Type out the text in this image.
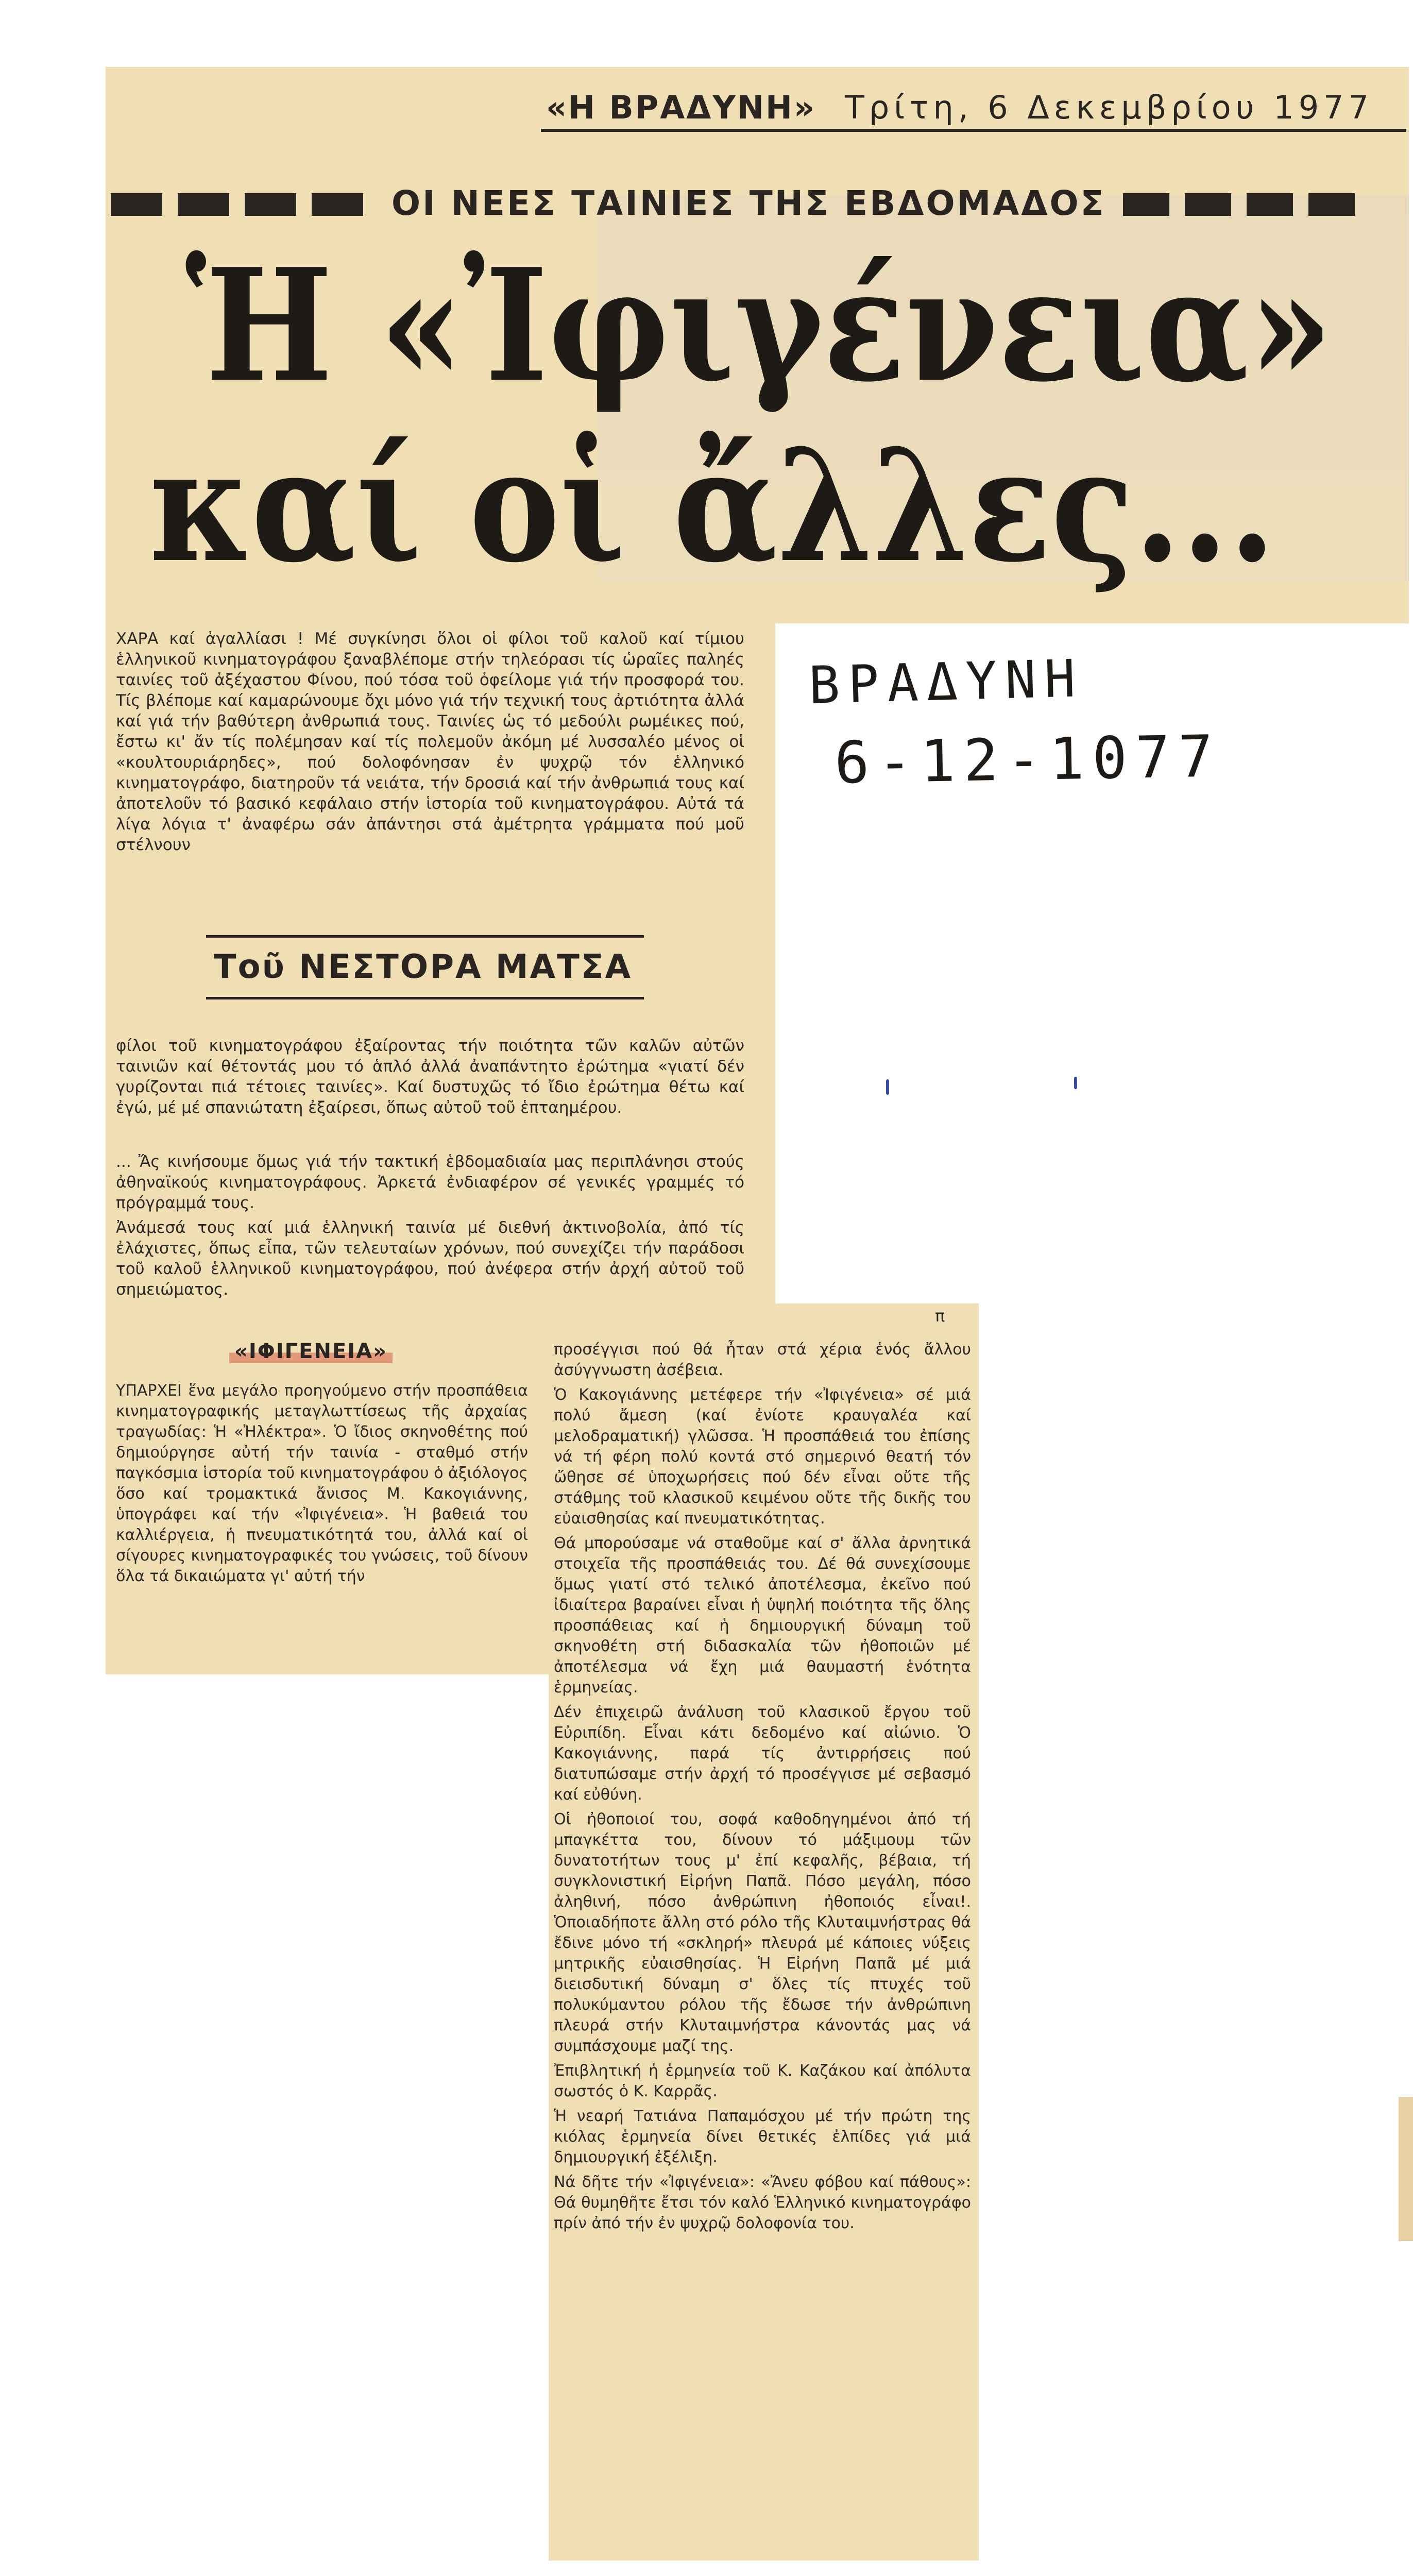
«Η ΒΡΑΔΥΝΗ» Τρίτη, 6 Δεκεμβρίου 1977
ΟΙ ΝΕΕΣ ΤΑΙΝΙΕΣ ΤΗΣ ΕΒΔΟΜΑΔΟΣ
Ἡ «Ἰφιγένεια»
καί οἱ ἄλλες...

ΧΑΡΑ καί ἀγαλλίασι ! Μέ συγκίνησι ὅλοι οἱ φίλοι τοῦ καλοῦ καί τίμιου ἑλληνικοῦ κινηματογράφου ξαναβλέπομε στήν τηλεόρασι τίς ὡραῖες παληές ταινίες τοῦ ἀξέχαστου Φίνου, πού τόσα τοῦ ὀφείλομε γιά τήν προσφορά του. Τίς βλέπομε καί καμαρώνουμε ὄχι μόνο γιά τήν τεχνική τους ἀρτιότητα ἀλλά καί γιά τήν βαθύτερη ἀνθρωπιά τους. Ταινίες ὡς τό μεδούλι ρωμέικες πού, ἔστω κι' ἄν τίς πολέμησαν καί τίς πολεμοῦν ἀκόμη μέ λυσσαλέο μένος οἱ «κουλτουριάρηδες», πού δολοφόνησαν ἐν ψυχρῷ τόν ἑλληνικό κινηματογράφο, διατηροῦν τά νειάτα, τήν δροσιά καί τήν ἀνθρωπιά τους καί ἀποτελοῦν τό βασικό κεφάλαιο στήν ἱστορία τοῦ κινηματογράφου. Αὐτά τά λίγα λόγια τ' ἀναφέρω σάν ἀπάντησι στά ἀμέτρητα γράμματα πού μοῦ στέλνουν

Τοῦ ΝΕΣΤΟΡΑ ΜΑΤΣΑ

φίλοι τοῦ κινηματογράφου ἐξαίροντας τήν ποιότητα τῶν καλῶν αὐτῶν ταινιῶν καί θέτοντάς μου τό ἁπλό ἀλλά ἀναπάντητο ἐρώτημα «γιατί δέν γυρίζονται πιά τέτοιες ταινίες». Καί δυστυχῶς τό ἴδιο ἐρώτημα θέτω καί ἐγώ, μέ μέ σπανιώτατη ἐξαίρεσι, ὅπως αὐτοῦ τοῦ ἑπταημέρου.

... Ἄς κινήσουμε ὅμως γιά τήν τακτική ἑβδομαδιαία μας περιπλάνησι στούς ἀθηναϊκούς κινηματογράφους. Ἀρκετά ἐνδιαφέρον σέ γενικές γραμμές τό πρόγραμμά τους.

Ἀνάμεσά τους καί μιά ἑλληνική ταινία μέ διεθνή ἀκτινοβολία, ἀπό τίς ἐλάχιστες, ὅπως εἶπα, τῶν τελευταίων χρόνων, πού συνεχίζει τήν παράδοσι τοῦ καλοῦ ἑλληνικοῦ κινηματογράφου, πού ἀνέφερα στήν ἀρχή αὐτοῦ τοῦ σημειώματος.

ΒΡΑΔΥΝΗ
6-12-1077
π
«ΙΦΙΓΕΝΕΙΑ»

ΥΠΑΡΧΕΙ ἕνα μεγάλο προηγούμενο στήν προσπάθεια κινηματογραφικής μεταγλωττίσεως τῆς ἀρχαίας τραγωδίας: Ἡ «Ἠλέκτρα». Ὁ ἴδιος σκηνοθέτης πού δημιούργησε αὐτή τήν ταινία - σταθμό στήν παγκόσμια ἱστορία τοῦ κινηματογράφου ὁ ἀξιόλογος ὅσο καί τρομακτικά ἄνισος Μ. Κακογιάννης, ὑπογράφει καί τήν «Ἰφιγένεια». Ἡ βαθειά του καλλιέργεια, ἡ πνευματικότητά του, ἀλλά καί οἱ σίγουρες κινηματογραφικές του γνώσεις, τοῦ δίνουν ὅλα τά δικαιώματα γι' αὐτή τήν

προσέγγισι πού θά ἦταν στά χέρια ἑνός ἄλλου ἀσύγγνωστη ἀσέβεια.

Ὁ Κακογιάννης μετέφερε τήν «Ἰφιγένεια» σέ μιά πολύ ἄμεση (καί ἐνίοτε κραυγαλέα καί μελοδραματική) γλῶσσα. Ἡ προσπάθειά του ἐπίσης νά τή φέρη πολύ κοντά στό σημερινό θεατή τόν ὤθησε σέ ὑποχωρήσεις πού δέν εἶναι οὔτε τῆς στάθμης τοῦ κλασικοῦ κειμένου οὔτε τῆς δικῆς του εὐαισθησίας καί πνευματικότητας.

Θά μπορούσαμε νά σταθοῦμε καί σ' ἄλλα ἀρνητικά στοιχεῖα τῆς προσπάθειάς του. Δέ θά συνεχίσουμε ὅμως γιατί στό τελικό ἀποτέλεσμα, ἐκεῖνο πού ἰδιαίτερα βαραίνει εἶναι ἡ ὑψηλή ποιότητα τῆς ὅλης προσπάθειας καί ἡ δημιουργική δύναμη τοῦ σκηνοθέτη στή διδασκαλία τῶν ἠθοποιῶν μέ ἀποτέλεσμα νά ἔχη μιά θαυμαστή ἑνότητα ἑρμηνείας.

Δέν ἐπιχειρῶ ἀνάλυση τοῦ κλασικοῦ ἔργου τοῦ Εὐριπίδη. Εἶναι κάτι δεδομένο καί αἰώνιο. Ὁ Κακογιάννης, παρά τίς ἀντιρρήσεις πού διατυπώσαμε στήν ἀρχή τό προσέγγισε μέ σεβασμό καί εὐθύνη.

Οἱ ἠθοποιοί του, σοφά καθοδηγημένοι ἀπό τή μπαγκέττα του, δίνουν τό μάξιμουμ τῶν δυνατοτήτων τους μ' ἐπί κεφαλῆς, βέβαια, τή συγκλονιστική Εἰρήνη Παπᾶ. Πόσο μεγάλη, πόσο ἀληθινή, πόσο ἀνθρώπινη ἠθοποιός εἶναι!. Ὁποιαδήποτε ἄλλη στό ρόλο τῆς Κλυταιμνήστρας θά ἔδινε μόνο τή «σκληρή» πλευρά μέ κάποιες νύξεις μητρικῆς εὐαισθησίας. Ἡ Εἰρήνη Παπᾶ μέ μιά διεισδυτική δύναμη σ' ὅλες τίς πτυχές τοῦ πολυκύμαντου ρόλου τῆς ἔδωσε τήν ἀνθρώπινη πλευρά στήν Κλυταιμνήστρα κάνοντάς μας νά συμπάσχουμε μαζί της.

Ἐπιβλητική ἡ ἑρμηνεία τοῦ Κ. Καζάκου καί ἀπόλυτα σωστός ὁ Κ. Καρρᾶς.

Ἡ νεαρή Τατιάνα Παπαμόσχου μέ τήν πρώτη της κιόλας ἑρμηνεία δίνει θετικές ἐλπίδες γιά μιά δημιουργική ἐξέλιξη.

Νά δῆτε τήν «Ἰφιγένεια»: «Ἄνευ φόβου καί πάθους»: Θά θυμηθῆτε ἔτσι τόν καλό Ἑλληνικό κινηματογράφο πρίν ἀπό τήν ἐν ψυχρῷ δολοφονία του.
